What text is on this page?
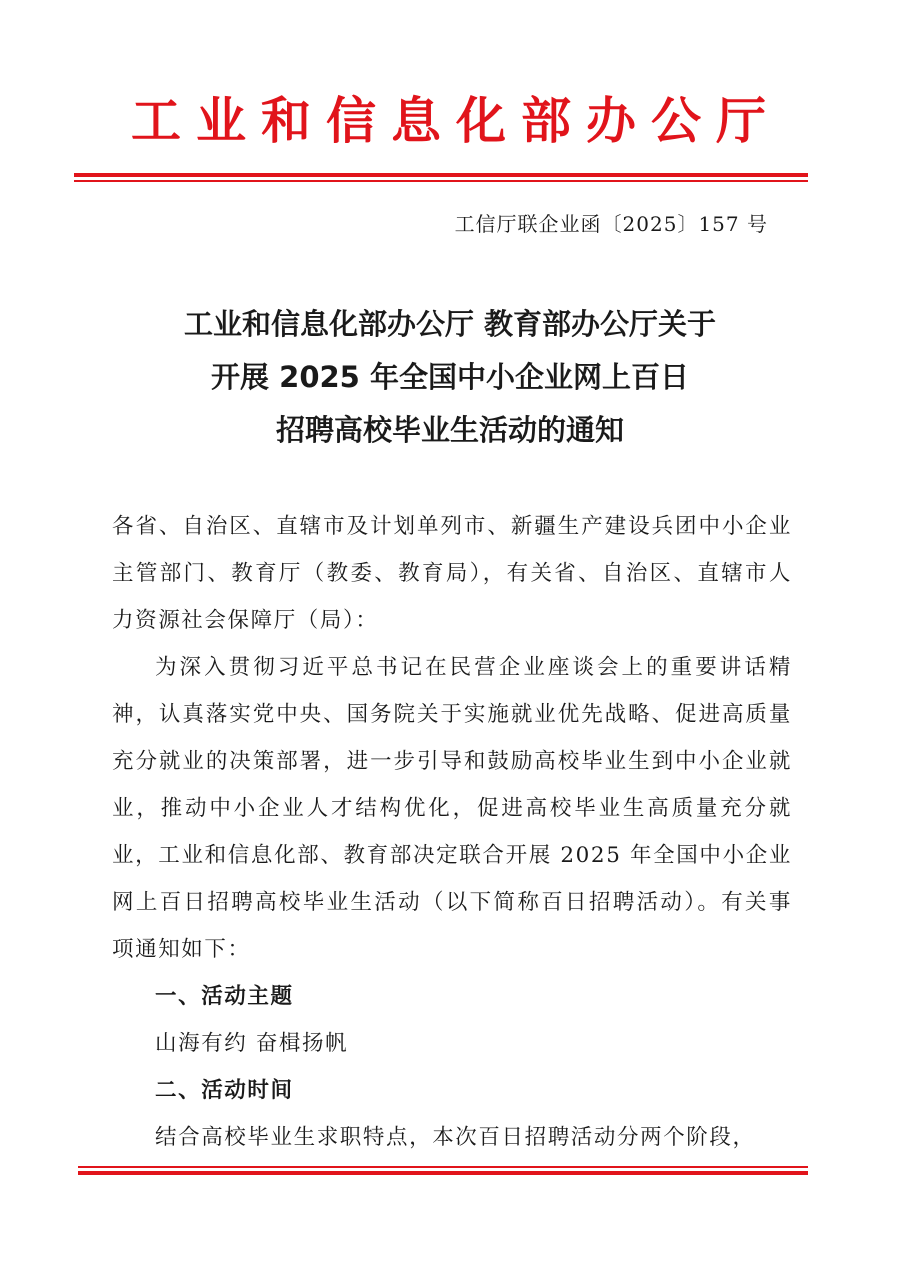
工业和信息化部办公厅
工信厅联企业函〔2025〕157 号
工业和信息化部办公厅 教育部办公厅关于
开展 2025 年全国中小企业网上百日
招聘高校毕业生活动的通知

各省、自治区、直辖市及计划单列市、新疆生产建设兵团中小企业主管部门、教育厅（教委、教育局），有关省、自治区、直辖市人力资源社会保障厅（局）：

为深入贯彻习近平总书记在民营企业座谈会上的重要讲话精神，认真落实党中央、国务院关于实施就业优先战略、促进高质量充分就业的决策部署，进一步引导和鼓励高校毕业生到中小企业就业，推动中小企业人才结构优化，促进高校毕业生高质量充分就业，工业和信息化部、教育部决定联合开展 2025 年全国中小企业网上百日招聘高校毕业生活动（以下简称百日招聘活动）。有关事项通知如下：

一、活动主题

山海有约 奋楫扬帆

二、活动时间

结合高校毕业生求职特点，本次百日招聘活动分两个阶段，
